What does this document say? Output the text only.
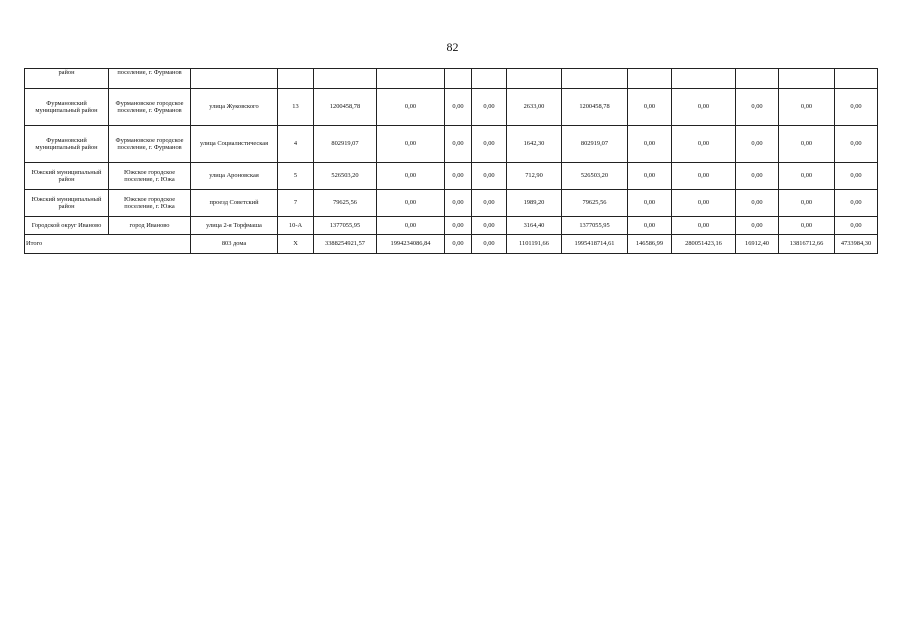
82
район	поселение, г. Фурманов													
Фурмановский муниципальный район	Фурмановское городское поселение, г. Фурманов	улица Жуковского	13	1200458,78	0,00	0,00	0,00	2633,00	1200458,78	0,00	0,00	0,00	0,00	0,00
Фурмановский муниципальный район	Фурмановское городское поселение, г. Фурманов	улица Социалистическая	4	802919,07	0,00	0,00	0,00	1642,30	802919,07	0,00	0,00	0,00	0,00	0,00
Южский муниципальный район	Южское городское поселение, г. Южа	улица Ароновская	5	526503,20	0,00	0,00	0,00	712,90	526503,20	0,00	0,00	0,00	0,00	0,00
Южский муниципальный район	Южское городское поселение, г. Южа	проезд Советский	7	79625,56	0,00	0,00	0,00	1989,20	79625,56	0,00	0,00	0,00	0,00	0,00
Городской округ Иваново	город Иваново	улица 2-я Торфмаша	10-А	1377055,95	0,00	0,00	0,00	3164,40	1377055,95	0,00	0,00	0,00	0,00	0,00
Итого		803 дома	Х	3388254921,57	1994234086,84	0,00	0,00	1101191,66	1995418714,61	146586,99	280051423,16	16912,40	13816712,66	4733984,30
